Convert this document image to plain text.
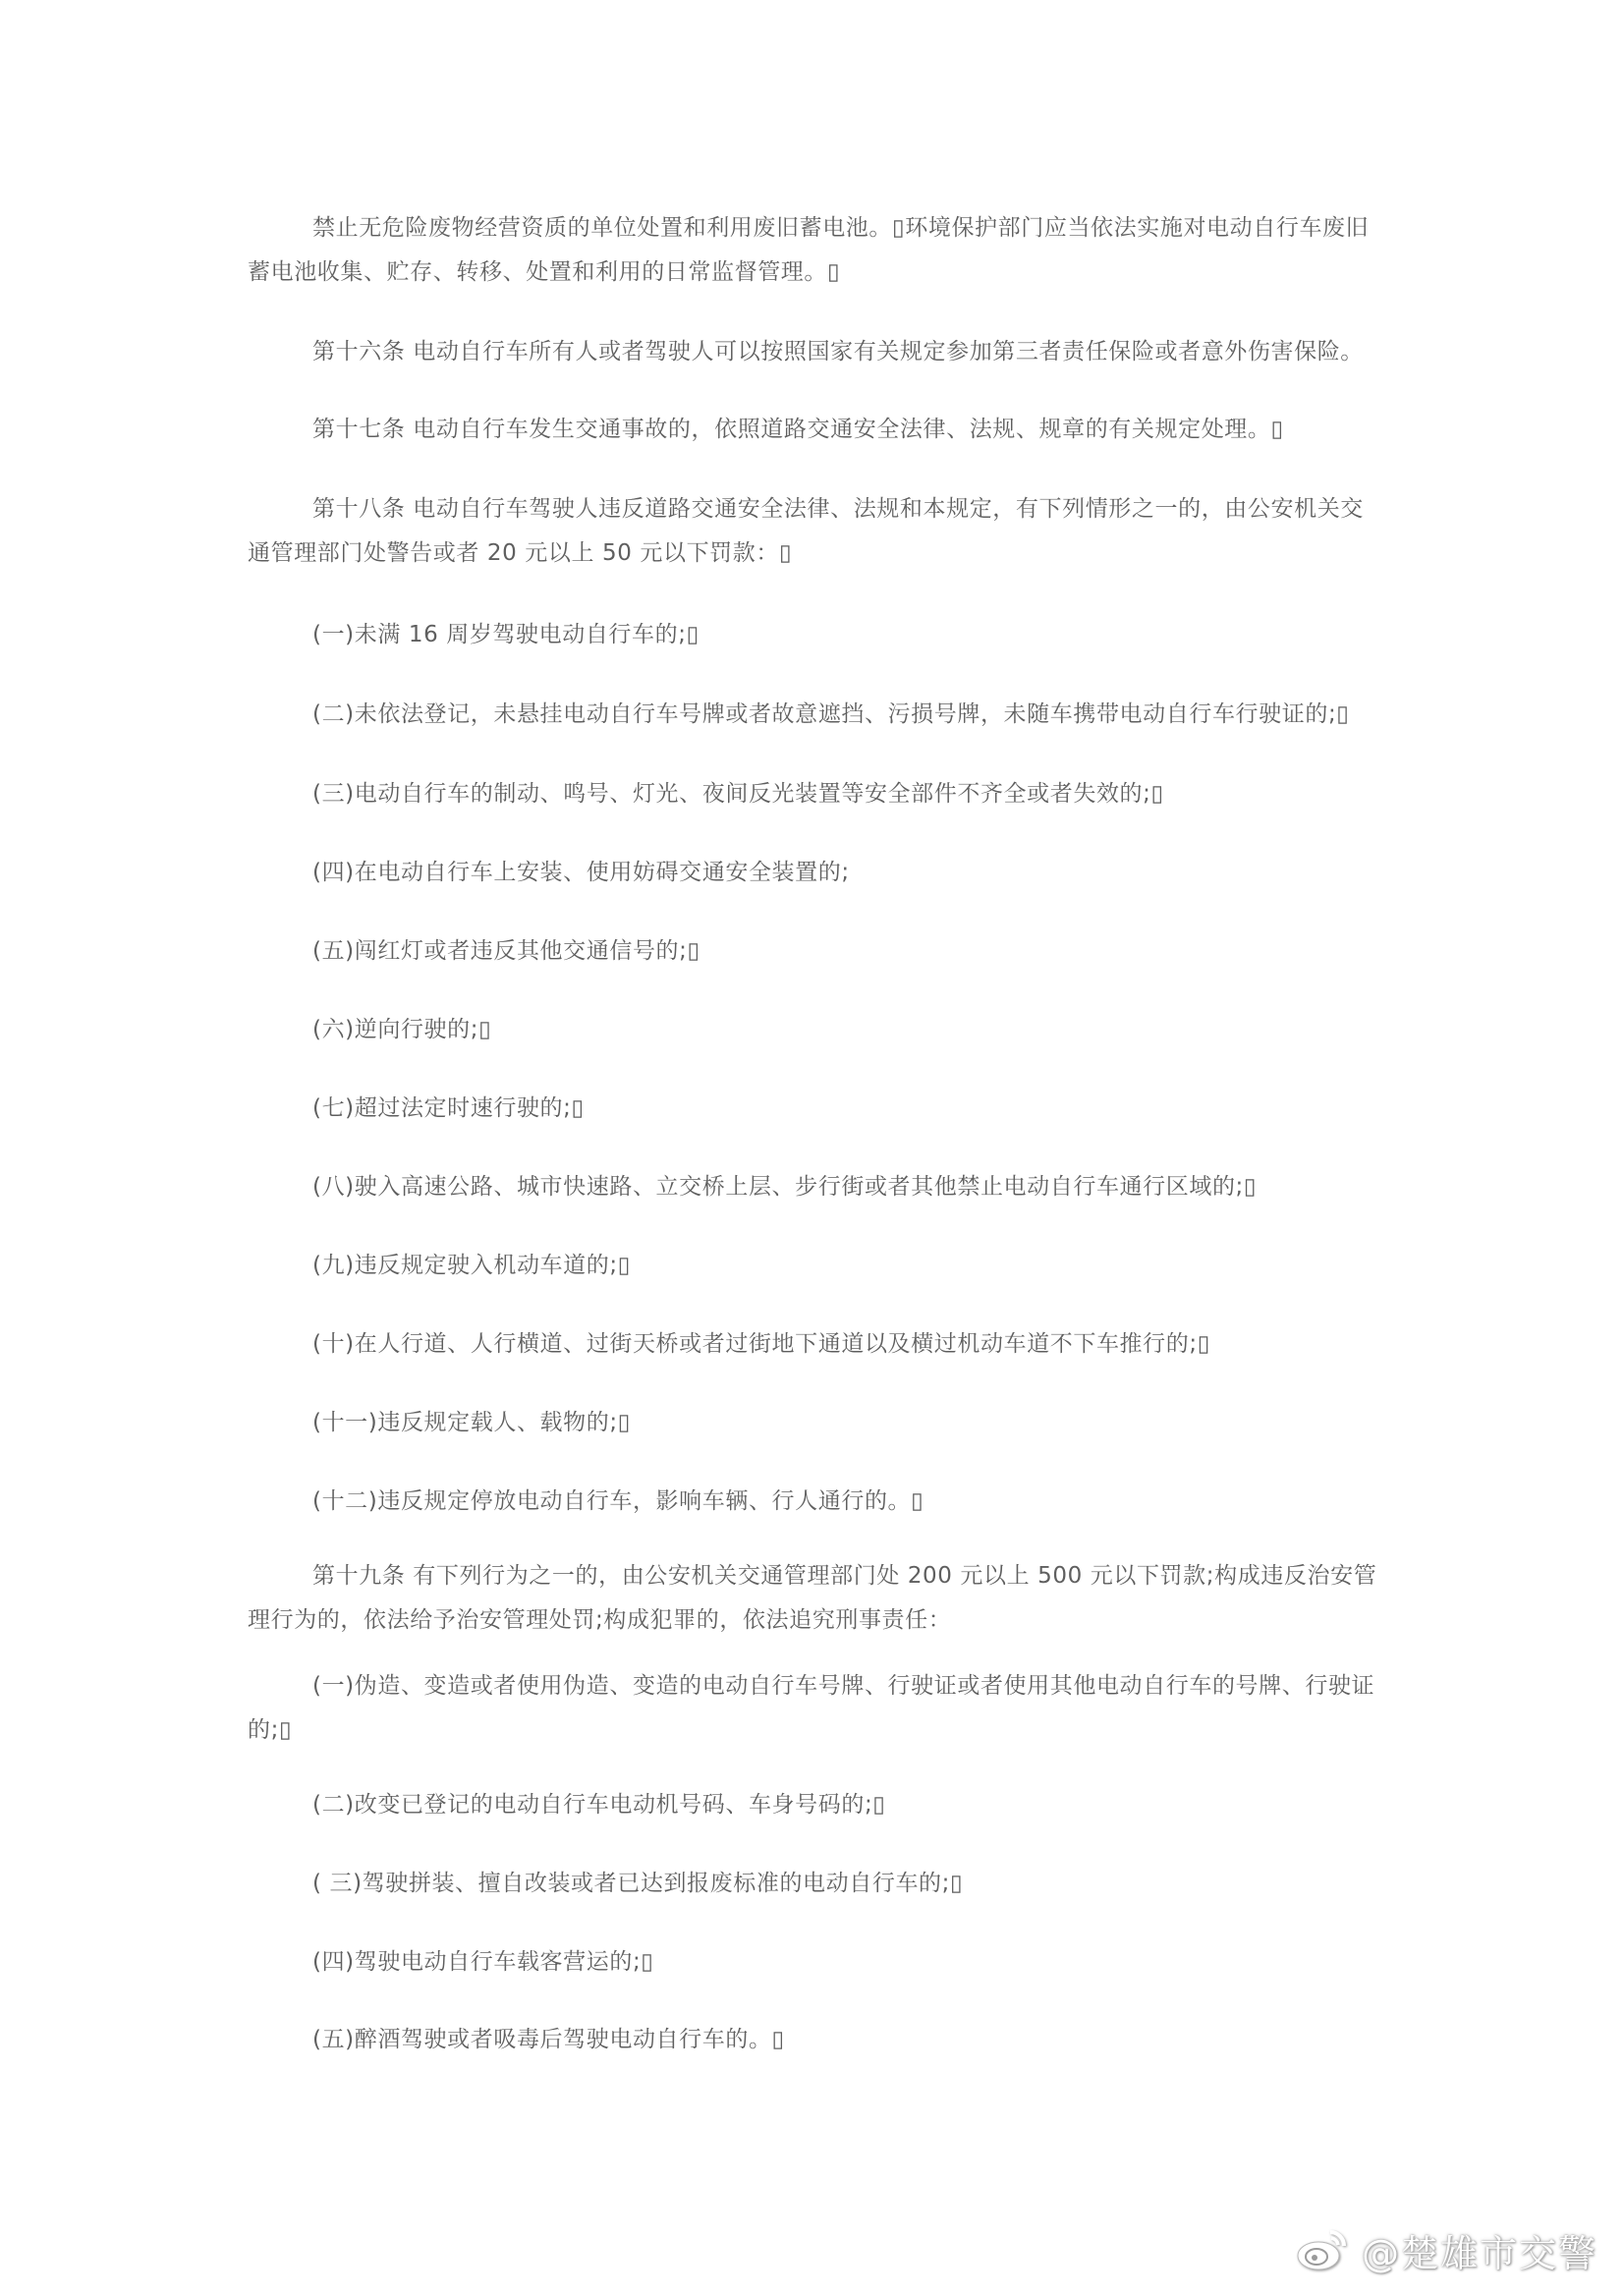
禁止无危险废物经营资质的单位处置和利用废旧蓄电池。▯环境保护部门应当依法实施对电动自行车废旧蓄电池收集、贮存、转移、处置和利用的日常监督管理。▯
第十六条 电动自行车所有人或者驾驶人可以按照国家有关规定参加第三者责任保险或者意外伤害保险。
第十七条 电动自行车发生交通事故的，依照道路交通安全法律、法规、规章的有关规定处理。▯
第十八条 电动自行车驾驶人违反道路交通安全法律、法规和本规定，有下列情形之一的，由公安机关交通管理部门处警告或者 20 元以上 50 元以下罚款：▯
(一)未满 16 周岁驾驶电动自行车的;▯
(二)未依法登记，未悬挂电动自行车号牌或者故意遮挡、污损号牌，未随车携带电动自行车行驶证的;▯
(三)电动自行车的制动、鸣号、灯光、夜间反光装置等安全部件不齐全或者失效的;▯
(四)在电动自行车上安装、使用妨碍交通安全装置的;
(五)闯红灯或者违反其他交通信号的;▯
(六)逆向行驶的;▯
(七)超过法定时速行驶的;▯
(八)驶入高速公路、城市快速路、立交桥上层、步行街或者其他禁止电动自行车通行区域的;▯
(九)违反规定驶入机动车道的;▯
(十)在人行道、人行横道、过街天桥或者过街地下通道以及横过机动车道不下车推行的;▯
(十一)违反规定载人、载物的;▯
(十二)违反规定停放电动自行车，影响车辆、行人通行的。▯
第十九条 有下列行为之一的，由公安机关交通管理部门处 200 元以上 500 元以下罚款;构成违反治安管理行为的，依法给予治安管理处罚;构成犯罪的，依法追究刑事责任：
(一)伪造、变造或者使用伪造、变造的电动自行车号牌、行驶证或者使用其他电动自行车的号牌、行驶证的;▯
(二)改变已登记的电动自行车电动机号码、车身号码的;▯
( 三)驾驶拼装、擅自改装或者已达到报废标准的电动自行车的;▯
(四)驾驶电动自行车载客营运的;▯
(五)醉酒驾驶或者吸毒后驾驶电动自行车的。▯
@楚雄市交警
